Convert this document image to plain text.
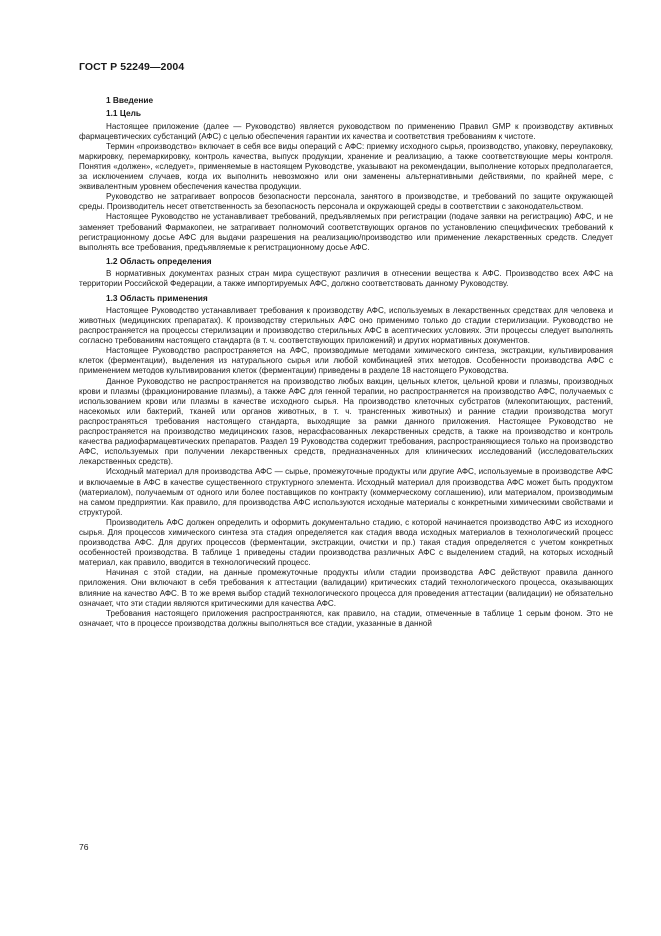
ГОСТ Р 52249—2004

1 Введение

1.1 Цель

Настоящее приложение (далее — Руководство) является руководством по применению Правил GMP к производству активных фармацевтических субстанций (АФС) с целью обеспечения гарантии их качества и соответствия требованиям к чистоте.

Термин «производство» включает в себя все виды операций с АФС: приемку исходного сырья, производство, упаковку, переупаковку, маркировку, перемаркировку, контроль качества, выпуск продукции, хранение и реализацию, а также соответствующие меры контроля. Понятия «должен», «следует», применяемые в настоящем Руководстве, указывают на рекомендации, выполнение которых предполагается, за исключением случаев, когда их выполнить невозможно или они заменены альтернативными действиями, по крайней мере, с эквивалентным уровнем обеспечения качества продукции.

Руководство не затрагивает вопросов безопасности персонала, занятого в производстве, и требований по защите окружающей среды. Производитель несет ответственность за безопасность персонала и окружающей среды в соответствии с законодательством.

Настоящее Руководство не устанавливает требований, предъявляемых при регистрации (подаче заявки на регистрацию) АФС, и не заменяет требований Фармакопеи, не затрагивает полномочий соответствующих органов по установлению специфических требований к регистрационному досье АФС для выдачи разрешения на реализацию/производство или применение лекарственных средств. Следует выполнять все требования, предъявляемые к регистрационному досье АФС.

1.2 Область определения

В нормативных документах разных стран мира существуют различия в отнесении вещества к АФС. Производство всех АФС на территории Российской Федерации, а также импортируемых АФС, должно соответствовать данному Руководству.

1.3 Область применения

Настоящее Руководство устанавливает требования к производству АФС, используемых в лекарственных средствах для человека и животных (медицинских препаратах). К производству стерильных АФС оно применимо только до стадии стерилизации. Руководство не распространяется на процессы стерилизации и производство стерильных АФС в асептических условиях. Эти процессы следует выполнять согласно требованиям настоящего стандарта (в т. ч. соответствующих приложений) и других нормативных документов.

Настоящее Руководство распространяется на АФС, производимые методами химического синтеза, экстракции, культивирования клеток (ферментации), выделения из натурального сырья или любой комбинацией этих методов. Особенности производства АФС с применением методов культивирования клеток (ферментации) приведены в разделе 18 настоящего Руководства.

Данное Руководство не распространяется на производство любых вакцин, цельных клеток, цельной крови и плазмы, производных крови и плазмы (фракционирование плазмы), а также АФС для генной терапии, но распространяется на производство АФС, получаемых с использованием крови или плазмы в качестве исходного сырья. На производство клеточных субстратов (млекопитающих, растений, насекомых или бактерий, тканей или органов животных, в т. ч. трансгенных животных) и ранние стадии производства могут распространяться требования настоящего стандарта, выходящие за рамки данного приложения. Настоящее Руководство не распространяется на производство медицинских газов, нерасфасованных лекарственных средств, а также на производство и контроль качества радиофармацевтических препаратов. Раздел 19 Руководства содержит требования, распространяющиеся только на производство АФС, используемых при получении лекарственных средств, предназначенных для клинических исследований (исследовательских лекарственных средств).

Исходный материал для производства АФС — сырье, промежуточные продукты или другие АФС, используемые в производстве АФС и включаемые в АФС в качестве существенного структурного элемента. Исходный материал для производства АФС может быть продуктом (материалом), получаемым от одного или более поставщиков по контракту (коммерческому соглашению), или материалом, производимым на самом предприятии. Как правило, для производства АФС используются исходные материалы с конкретными химическими свойствами и структурой.

Производитель АФС должен определить и оформить документально стадию, с которой начинается производство АФС из исходного сырья. Для процессов химического синтеза эта стадия определяется как стадия ввода исходных материалов в технологический процесс производства АФС. Для других процессов (ферментации, экстракции, очистки и пр.) такая стадия определяется с учетом конкретных особенностей производства. В таблице 1 приведены стадии производства различных АФС с выделением стадий, на которых исходный материал, как правило, вводится в технологический процесс.

Начиная с этой стадии, на данные промежуточные продукты и/или стадии производства АФС действуют правила данного приложения. Они включают в себя требования к аттестации (валидации) критических стадий технологического процесса, оказывающих влияние на качество АФС. В то же время выбор стадий технологического процесса для проведения аттестации (валидации) не обязательно означает, что эти стадии являются критическими для качества АФС.

Требования настоящего приложения распространяются, как правило, на стадии, отмеченные в таблице 1 серым фоном. Это не означает, что в процессе производства должны выполняться все стадии, указанные в данной

76
